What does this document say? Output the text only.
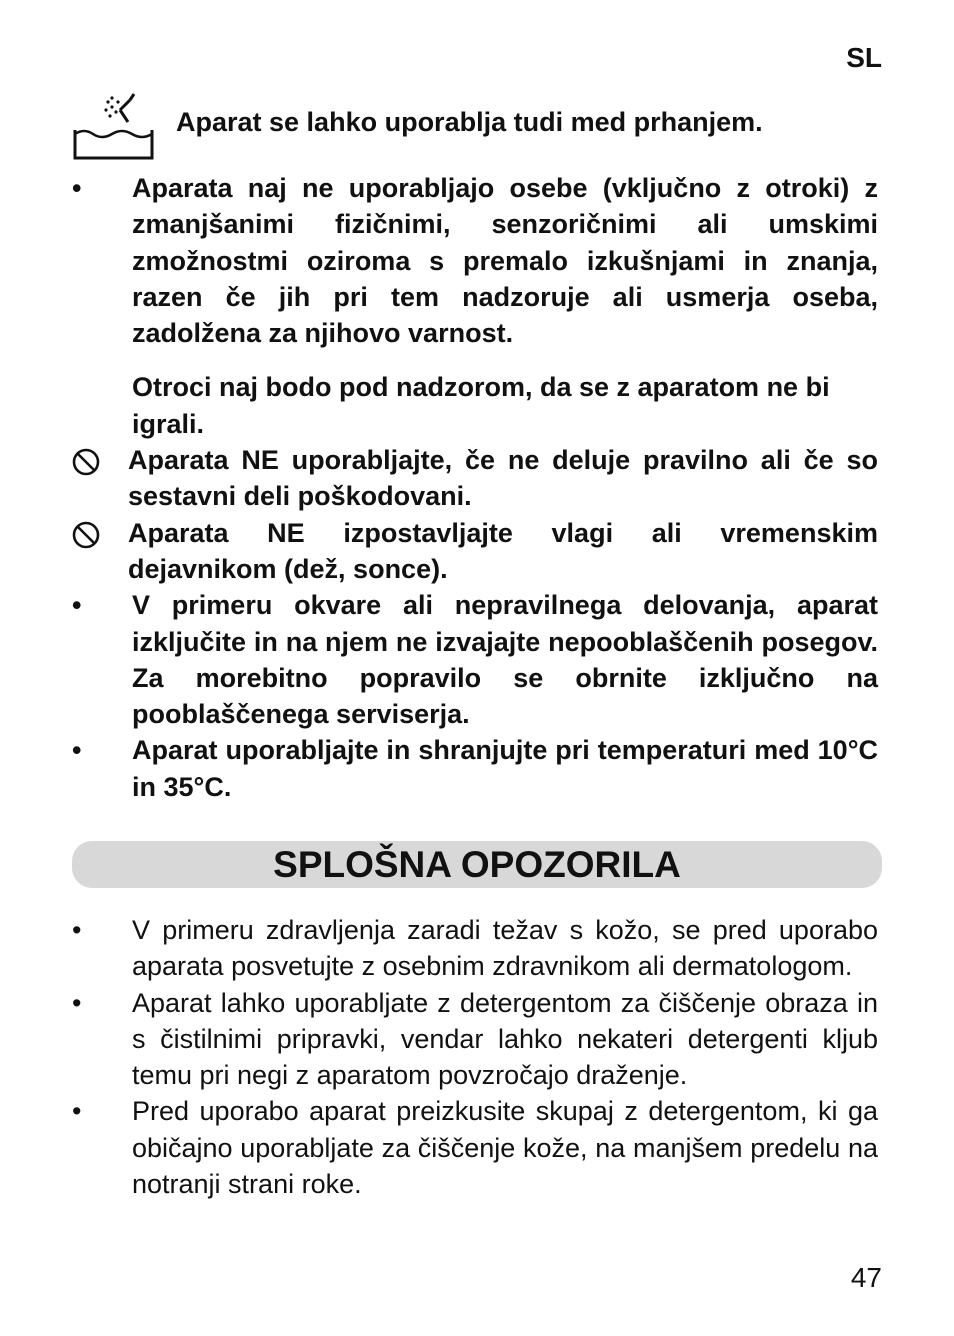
SL
Aparat se lahko uporablja tudi med prhanjem.
•	Aparata naj ne uporabljajo osebe (vključno z otroki) z zmanjšanimi fizičnimi, senzoričnimi ali umskimi zmožnostmi oziroma s premalo izkušnjami in znanja, razen če jih pri tem nadzoruje ali usmerja oseba, zadolžena za njihovo varnost.
Otroci naj bodo pod nadzorom, da se z aparatom ne bi igrali.
Aparata NE uporabljajte, če ne deluje pravilno ali če so sestavni deli poškodovani.
Aparata NE izpostavljajte vlagi ali vremenskim dejavnikom (dež, sonce).
•	V primeru okvare ali nepravilnega delovanja, aparat izključite in na njem ne izvajajte nepooblaščenih posegov. Za morebitno popravilo se obrnite izključno na pooblaščenega serviserja.
•	Aparat uporabljajte in shranjujte pri temperaturi med 10°C in 35°C.
SPLOŠNA OPOZORILA
•	V primeru zdravljenja zaradi težav s kožo, se pred uporabo aparata posvetujte z osebnim zdravnikom ali dermatologom.
•	Aparat lahko uporabljate z detergentom za čiščenje obraza in s čistilnimi pripravki, vendar lahko nekateri detergenti kljub temu pri negi z aparatom povzročajo draženje.
•	Pred uporabo aparat preizkusite skupaj z detergentom, ki ga običajno uporabljate za čiščenje kože, na manjšem predelu na notranji strani roke.
47
